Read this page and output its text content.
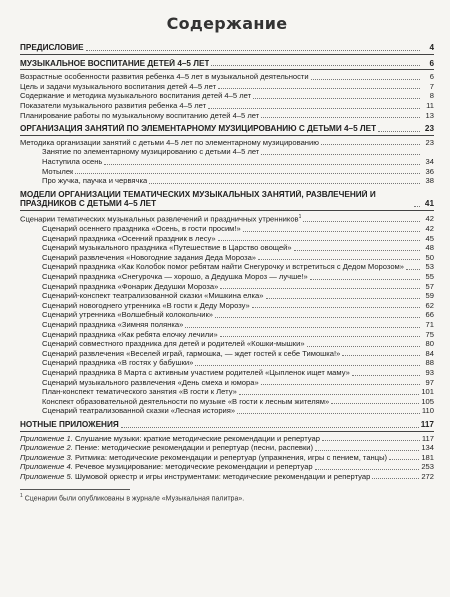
Содержание
ПРЕДИСЛОВИЕ	4
МУЗЫКАЛЬНОЕ ВОСПИТАНИЕ ДЕТЕЙ 4–5 ЛЕТ	6
Возрастные особенности развития ребенка 4–5 лет в музыкальной деятельности	6
Цель и задачи музыкального воспитания детей 4–5 лет	7
Содержание и методика музыкального воспитания детей 4–5 лет	8
Показатели музыкального развития ребенка 4–5 лет	11
Планирование работы по музыкальному воспитанию детей 4–5 лет	13
ОРГАНИЗАЦИЯ ЗАНЯТИЙ ПО ЭЛЕМЕНТАРНОМУ МУЗИЦИРОВАНИЮ С ДЕТЬМИ 4–5 ЛЕТ	23
Методика организации занятий с детьми 4–5 лет по элементарному музицированию	23
Занятие по элементарному музицированию с детьми 4–5 лет
Наступила осень	34
Мотылек	36
Про жучка, паучка и червячка	38
МОДЕЛИ ОРГАНИЗАЦИИ ТЕМАТИЧЕСКИХ МУЗЫКАЛЬНЫХ ЗАНЯТИЙ, РАЗВЛЕЧЕНИЙ И ПРАЗДНИКОВ С ДЕТЬМИ 4–5 ЛЕТ	41
Сценарии тематических музыкальных развлечений и праздничных утренников$^1$	42
Сценарий осеннего праздника «Осень, в гости просим!»	42
Сценарий праздника «Осенний праздник в лесу»	45
Сценарий музыкального праздника «Путешествие в Царство овощей»	48
Сценарий развлечения «Новогодние задания Деда Мороза»	50
Сценарий праздника «Как Колобок помог ребятам найти Снегурочку и встретиться с Дедом Морозом»	53
Сценарий праздника «Снегурочка — хорошо, а Дедушка Мороз — лучше!»	55
Сценарий праздника «Фонарик Дедушки Мороза»	57
Сценарий-конспект театрализованной сказки «Мишкина елка»	59
Сценарий новогоднего утренника «В гости к Деду Морозу»	62
Сценарий утренника «Волшебный колокольчик»	66
Сценарий праздника «Зимняя полянка»	71
Сценарий праздника «Как ребята елочку лечили»	75
Сценарий совместного праздника для детей и родителей «Кошки-мышки»	80
Сценарий развлечения «Веселей играй, гармошка, — ждет гостей к себе Тимошка!»	84
Сценарий праздника «В гостях у бабушки»	88
Сценарий праздника 8 Марта с активным участием родителей «Цыпленок ищет маму»	93
Сценарий музыкального развлечения «День смеха и юмора»	97
План-конспект тематического занятия «В гости к Лету»	101
Конспект образовательной деятельности по музыке «В гости к лесным жителям»	105
Сценарий театрализованной сказки «Лесная история»	110
НОТНЫЕ ПРИЛОЖЕНИЯ	117
Приложение 1. Слушание музыки: краткие методические рекомендации и репертуар	117
Приложение 2. Пение: методические рекомендации и репертуар (песни, распевки)	134
Приложение 3. Ритмика: методические рекомендации и репертуар (упражнения, игры с пением, танцы)	181
Приложение 4. Речевое музицирование: методические рекомендации и репертуар	253
Приложение 5. Шумовой оркестр и игры инструментами: методические рекомендации и репертуар	272
$^1$ Сценарии были опубликованы в журнале «Музыкальная палитра».
